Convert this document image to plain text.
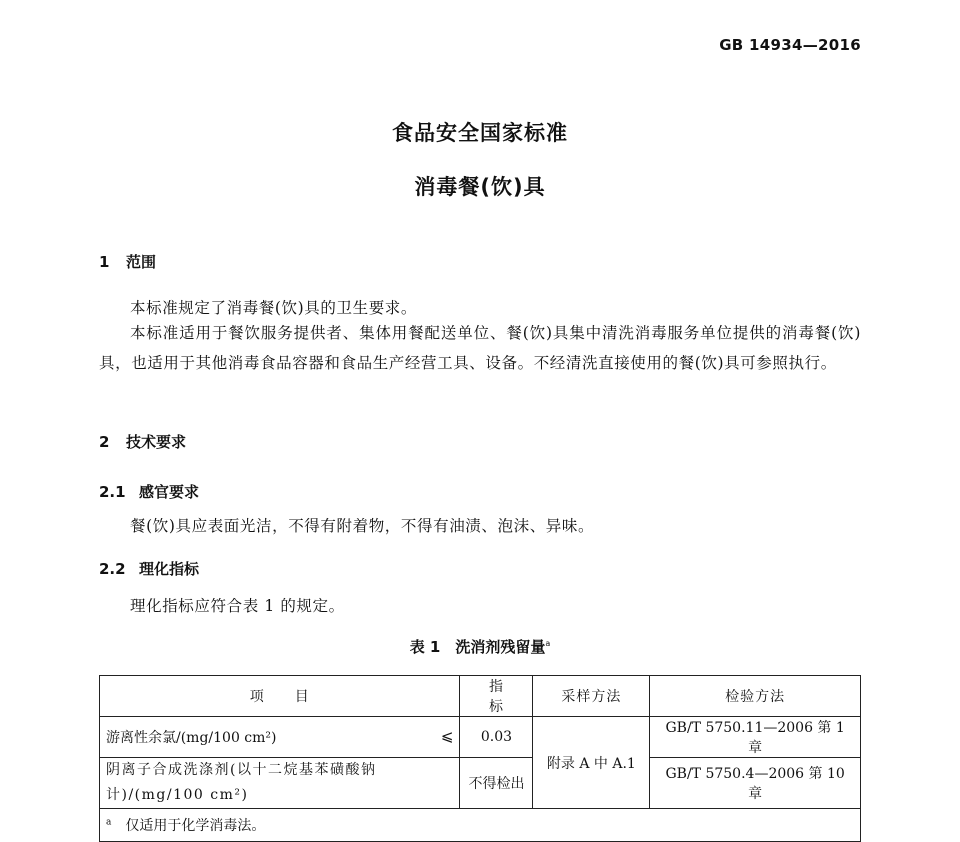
GB 14934—2016
食品安全国家标准
消毒餐(饮)具
1 范围
本标准规定了消毒餐(饮)具的卫生要求。
本标准适用于餐饮服务提供者、集体用餐配送单位、餐(饮)具集中清洗消毒服务单位提供的消毒餐(饮)具，也适用于其他消毒食品容器和食品生产经营工具、设备。不经清洗直接使用的餐(饮)具可参照执行。
2 技术要求
2.1 感官要求
餐(饮)具应表面光洁，不得有附着物，不得有油渍、泡沫、异味。
2.2 理化指标
理化指标应符合表 1 的规定。
表 1　洗消剂残留量$^a$
项　　目	指　　标	采样方法	检验方法
游离性余氯/(mg/100 cm²) ⩽	0.03	附录 A 中 A.1	GB/T 5750.11—2006 第 1 章
阴离子合成洗涤剂(以十二烷基苯磺酸钠计)/(mg/100 cm²)	不得检出		GB/T 5750.4—2006 第 10 章
$^a$　 仅适用于化学消毒法。			
